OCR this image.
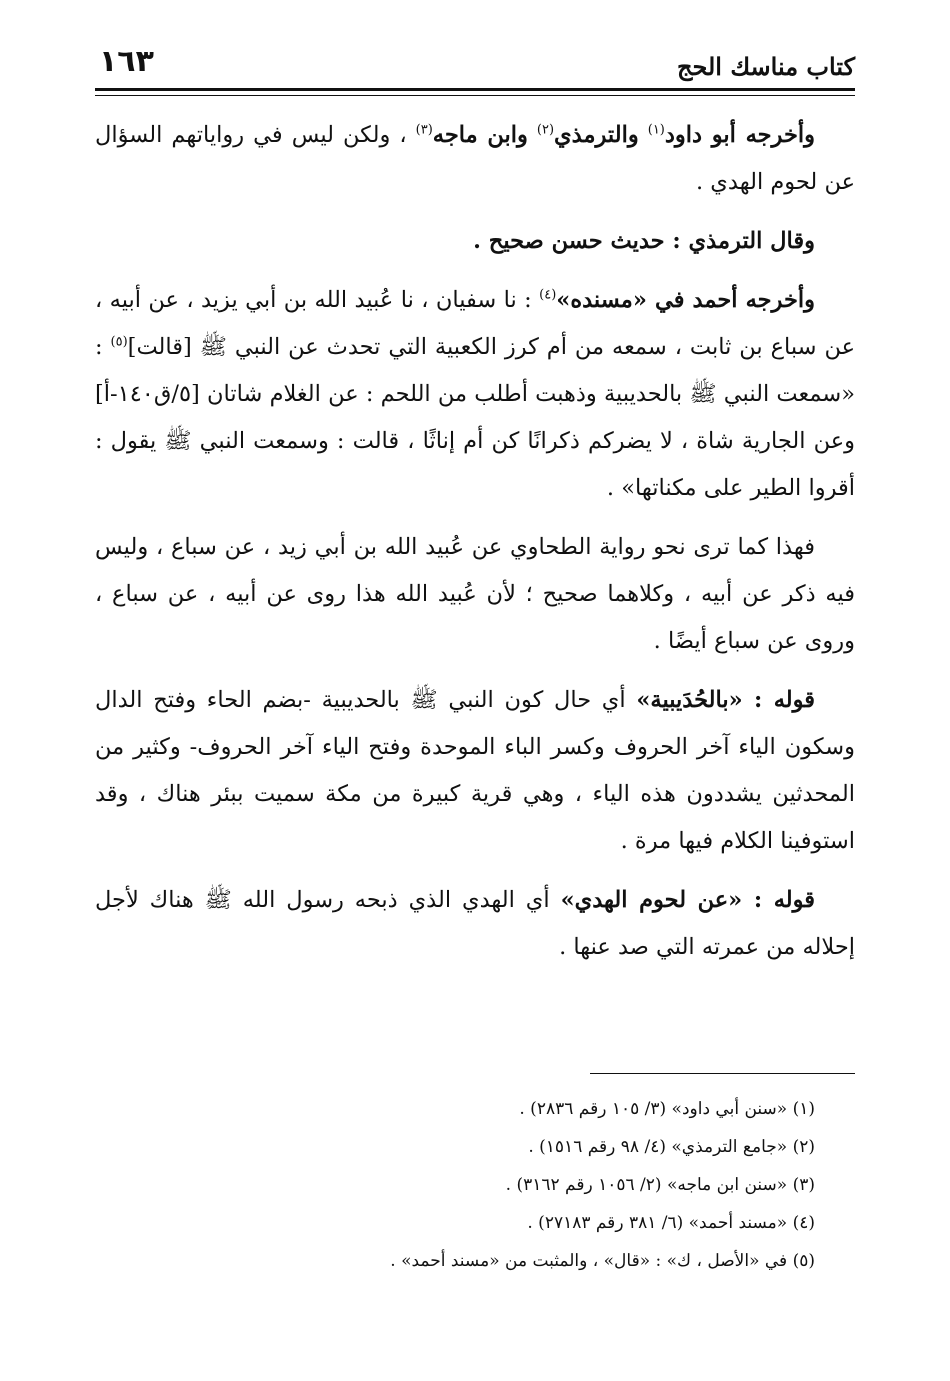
كتاب مناسك الحج
١٦٣

وأخرجه أبو داود$^{(١)}$ والترمذي$^{(٢)}$ وابن ماجه$^{(٣)}$ ، ولكن ليس في رواياتهم السؤال عن لحوم الهدي .

وقال الترمذي : حديث حسن صحيح .

وأخرجه أحمد في «مسنده»$^{(٤)}$ : نا سفيان ، نا عُبيد الله بن أبي يزيد ، عن أبيه ، عن سباع بن ثابت ، سمعه من أم كرز الكعبية التي تحدث عن النبي ﷺ [قالت]$^{(٥)}$ : «سمعت النبي ﷺ بالحديبية وذهبت أطلب من اللحم : عن الغلام شاتان [٥/ق١٤٠-أ] وعن الجارية شاة ، لا يضركم ذكرانًا كن أم إناثًا ، قالت : وسمعت النبي ﷺ يقول : أقروا الطير على مكناتها» .

فهذا كما ترى نحو رواية الطحاوي عن عُبيد الله بن أبي زيد ، عن سباع ، وليس فيه ذكر عن أبيه ، وكلاهما صحيح ؛ لأن عُبيد الله هذا روى عن أبيه ، عن سباع ، وروى عن سباع أيضًا .

قوله : «بالحُدَيبية» أي حال كون النبي ﷺ بالحديبية -بضم الحاء وفتح الدال وسكون الياء آخر الحروف وكسر الباء الموحدة وفتح الياء آخر الحروف- وكثير من المحدثين يشددون هذه الياء ، وهي قرية كبيرة من مكة سميت ببئر هناك ، وقد استوفينا الكلام فيها مرة .

قوله : «عن لحوم الهدي» أي الهدي الذي ذبحه رسول الله ﷺ هناك لأجل إحلاله من عمرته التي صد عنها .

(١) «سنن أبي داود» (٣/ ١٠٥ رقم ٢٨٣٦) .
(٢) «جامع الترمذي» (٤/ ٩٨ رقم ١٥١٦) .
(٣) «سنن ابن ماجه» (٢/ ١٠٥٦ رقم ٣١٦٢) .
(٤) «مسند أحمد» (٦/ ٣٨١ رقم ٢٧١٨٣) .
(٥) في «الأصل ، ك» : «قال» ، والمثبت من «مسند أحمد» .
